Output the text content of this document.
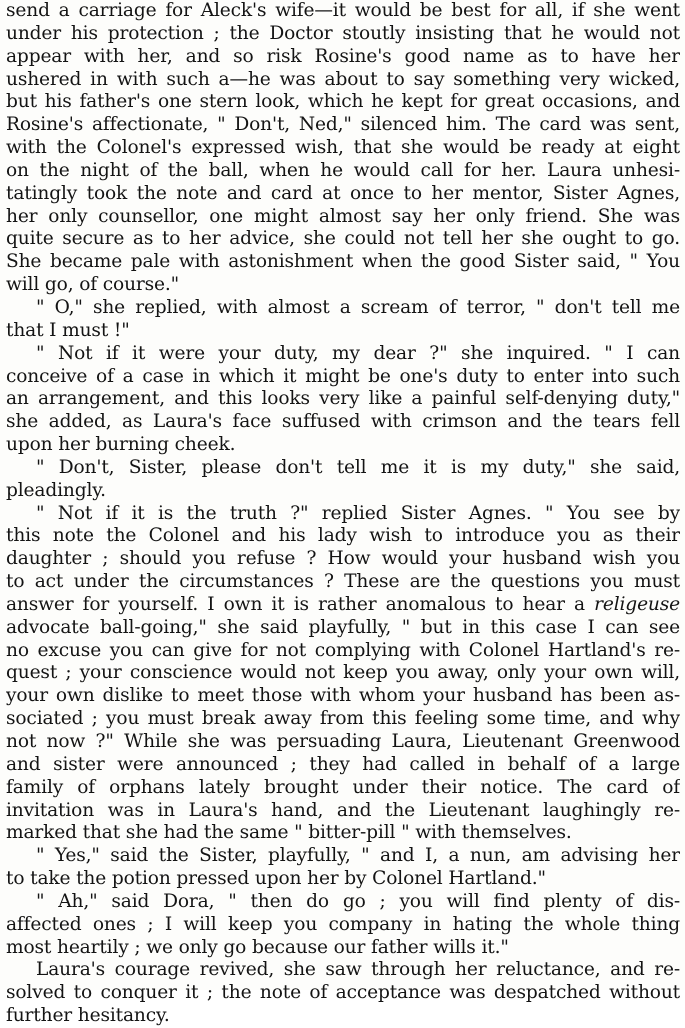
send a carriage for Aleck's wife—it would be best for all, if she went
under his protection ; the Doctor stoutly insisting that he would not
appear with her, and so risk Rosine's good name as to have her
ushered in with such a—he was about to say something very wicked,
but his father's one stern look, which he kept for great occasions, and
Rosine's affectionate, " Don't, Ned," silenced him. The card was sent,
with the Colonel's expressed wish, that she would be ready at eight
on the night of the ball, when he would call for her. Laura unhesi-
tatingly took the note and card at once to her mentor, Sister Agnes,
her only counsellor, one might almost say her only friend. She was
quite secure as to her advice, she could not tell her she ought to go.
She became pale with astonishment when the good Sister said, " You
will go, of course."
" O," she replied, with almost a scream of terror, " don't tell me
that I must !"
" Not if it were your duty, my dear ?" she inquired. " I can
conceive of a case in which it might be one's duty to enter into such
an arrangement, and this looks very like a painful self-denying duty,"
she added, as Laura's face suffused with crimson and the tears fell
upon her burning cheek.
" Don't, Sister, please don't tell me it is my duty," she said,
pleadingly.
" Not if it is the truth ?" replied Sister Agnes. " You see by
this note the Colonel and his lady wish to introduce you as their
daughter ; should you refuse ? How would your husband wish you
to act under the circumstances ? These are the questions you must
answer for yourself. I own it is rather anomalous to hear a religeuse
advocate ball-going," she said playfully, " but in this case I can see
no excuse you can give for not complying with Colonel Hartland's re-
quest ; your conscience would not keep you away, only your own will,
your own dislike to meet those with whom your husband has been as-
sociated ; you must break away from this feeling some time, and why
not now ?" While she was persuading Laura, Lieutenant Greenwood
and sister were announced ; they had called in behalf of a large
family of orphans lately brought under their notice. The card of
invitation was in Laura's hand, and the Lieutenant laughingly re-
marked that she had the same " bitter-pill " with themselves.
" Yes," said the Sister, playfully, " and I, a nun, am advising her
to take the potion pressed upon her by Colonel Hartland."
" Ah," said Dora, " then do go ; you will find plenty of dis-
affected ones ; I will keep you company in hating the whole thing
most heartily ; we only go because our father wills it."
Laura's courage revived, she saw through her reluctance, and re-
solved to conquer it ; the note of acceptance was despatched without
further hesitancy.
